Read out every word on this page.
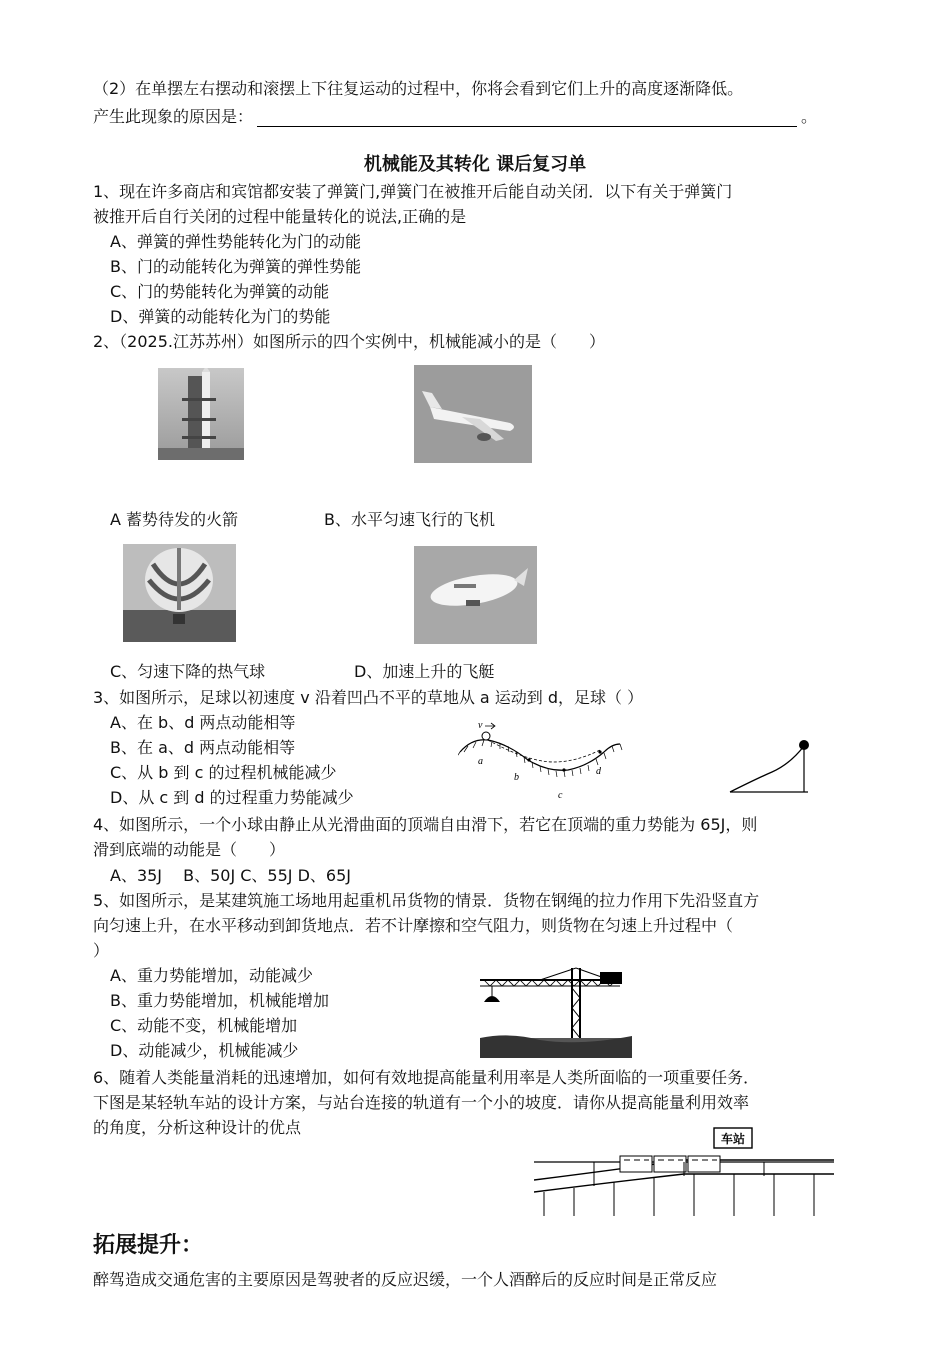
（2）在单摆左右摆动和滚摆上下往复运动的过程中，你将会看到它们上升的高度逐渐降低。
产生此现象的原因是：	。
机械能及其转化 课后复习单
1、现在许多商店和宾馆都安装了弹簧门,弹簧门在被推开后能自动关闭．以下有关于弹簧门
被推开后自行关闭的过程中能量转化的说法,正确的是
A、弹簧的弹性势能转化为门的动能
B、门的动能转化为弹簧的弹性势能
C、门的势能转化为弹簧的动能
D、弹簧的动能转化为门的势能
2、（2025.江苏苏州）如图所示的四个实例中，机械能减小的是（　　）
A 蓄势待发的火箭	B、水平匀速飞行的飞机
C、匀速下降的热气球	D、加速上升的飞艇
3、如图所示，足球以初速度 v 沿着凹凸不平的草地从 a 运动到 d，足球（ ）
A、在 b、d 两点动能相等
B、在 a、d 两点动能相等
C、从 b 到 c 的过程机械能减少
D、从 c 到 d 的过程重力势能减少
v
a
b
c
d
4、如图所示，一个小球由静止从光滑曲面的顶端自由滑下，若它在顶端的重力势能为 65J，则
滑到底端的动能是（　　）
A、35J　 B、50J C、55J D、65J
5、如图所示，是某建筑施工场地用起重机吊货物的情景．货物在钢绳的拉力作用下先沿竖直方
向匀速上升，在水平移动到卸货地点．若不计摩擦和空气阻力，则货物在匀速上升过程中（
）
A、重力势能增加，动能减少
B、重力势能增加，机械能增加
C、动能不变，机械能增加
D、动能减少，机械能减少
6、随着人类能量消耗的迅速增加，如何有效地提高能量利用率是人类所面临的一项重要任务．
下图是某轻轨车站的设计方案，与站台连接的轨道有一个小的坡度．请你从提高能量利用效率
的角度，分析这种设计的优点
车站
拓展提升：
醉驾造成交通危害的主要原因是驾驶者的反应迟缓，一个人酒醉后的反应时间是正常反应
